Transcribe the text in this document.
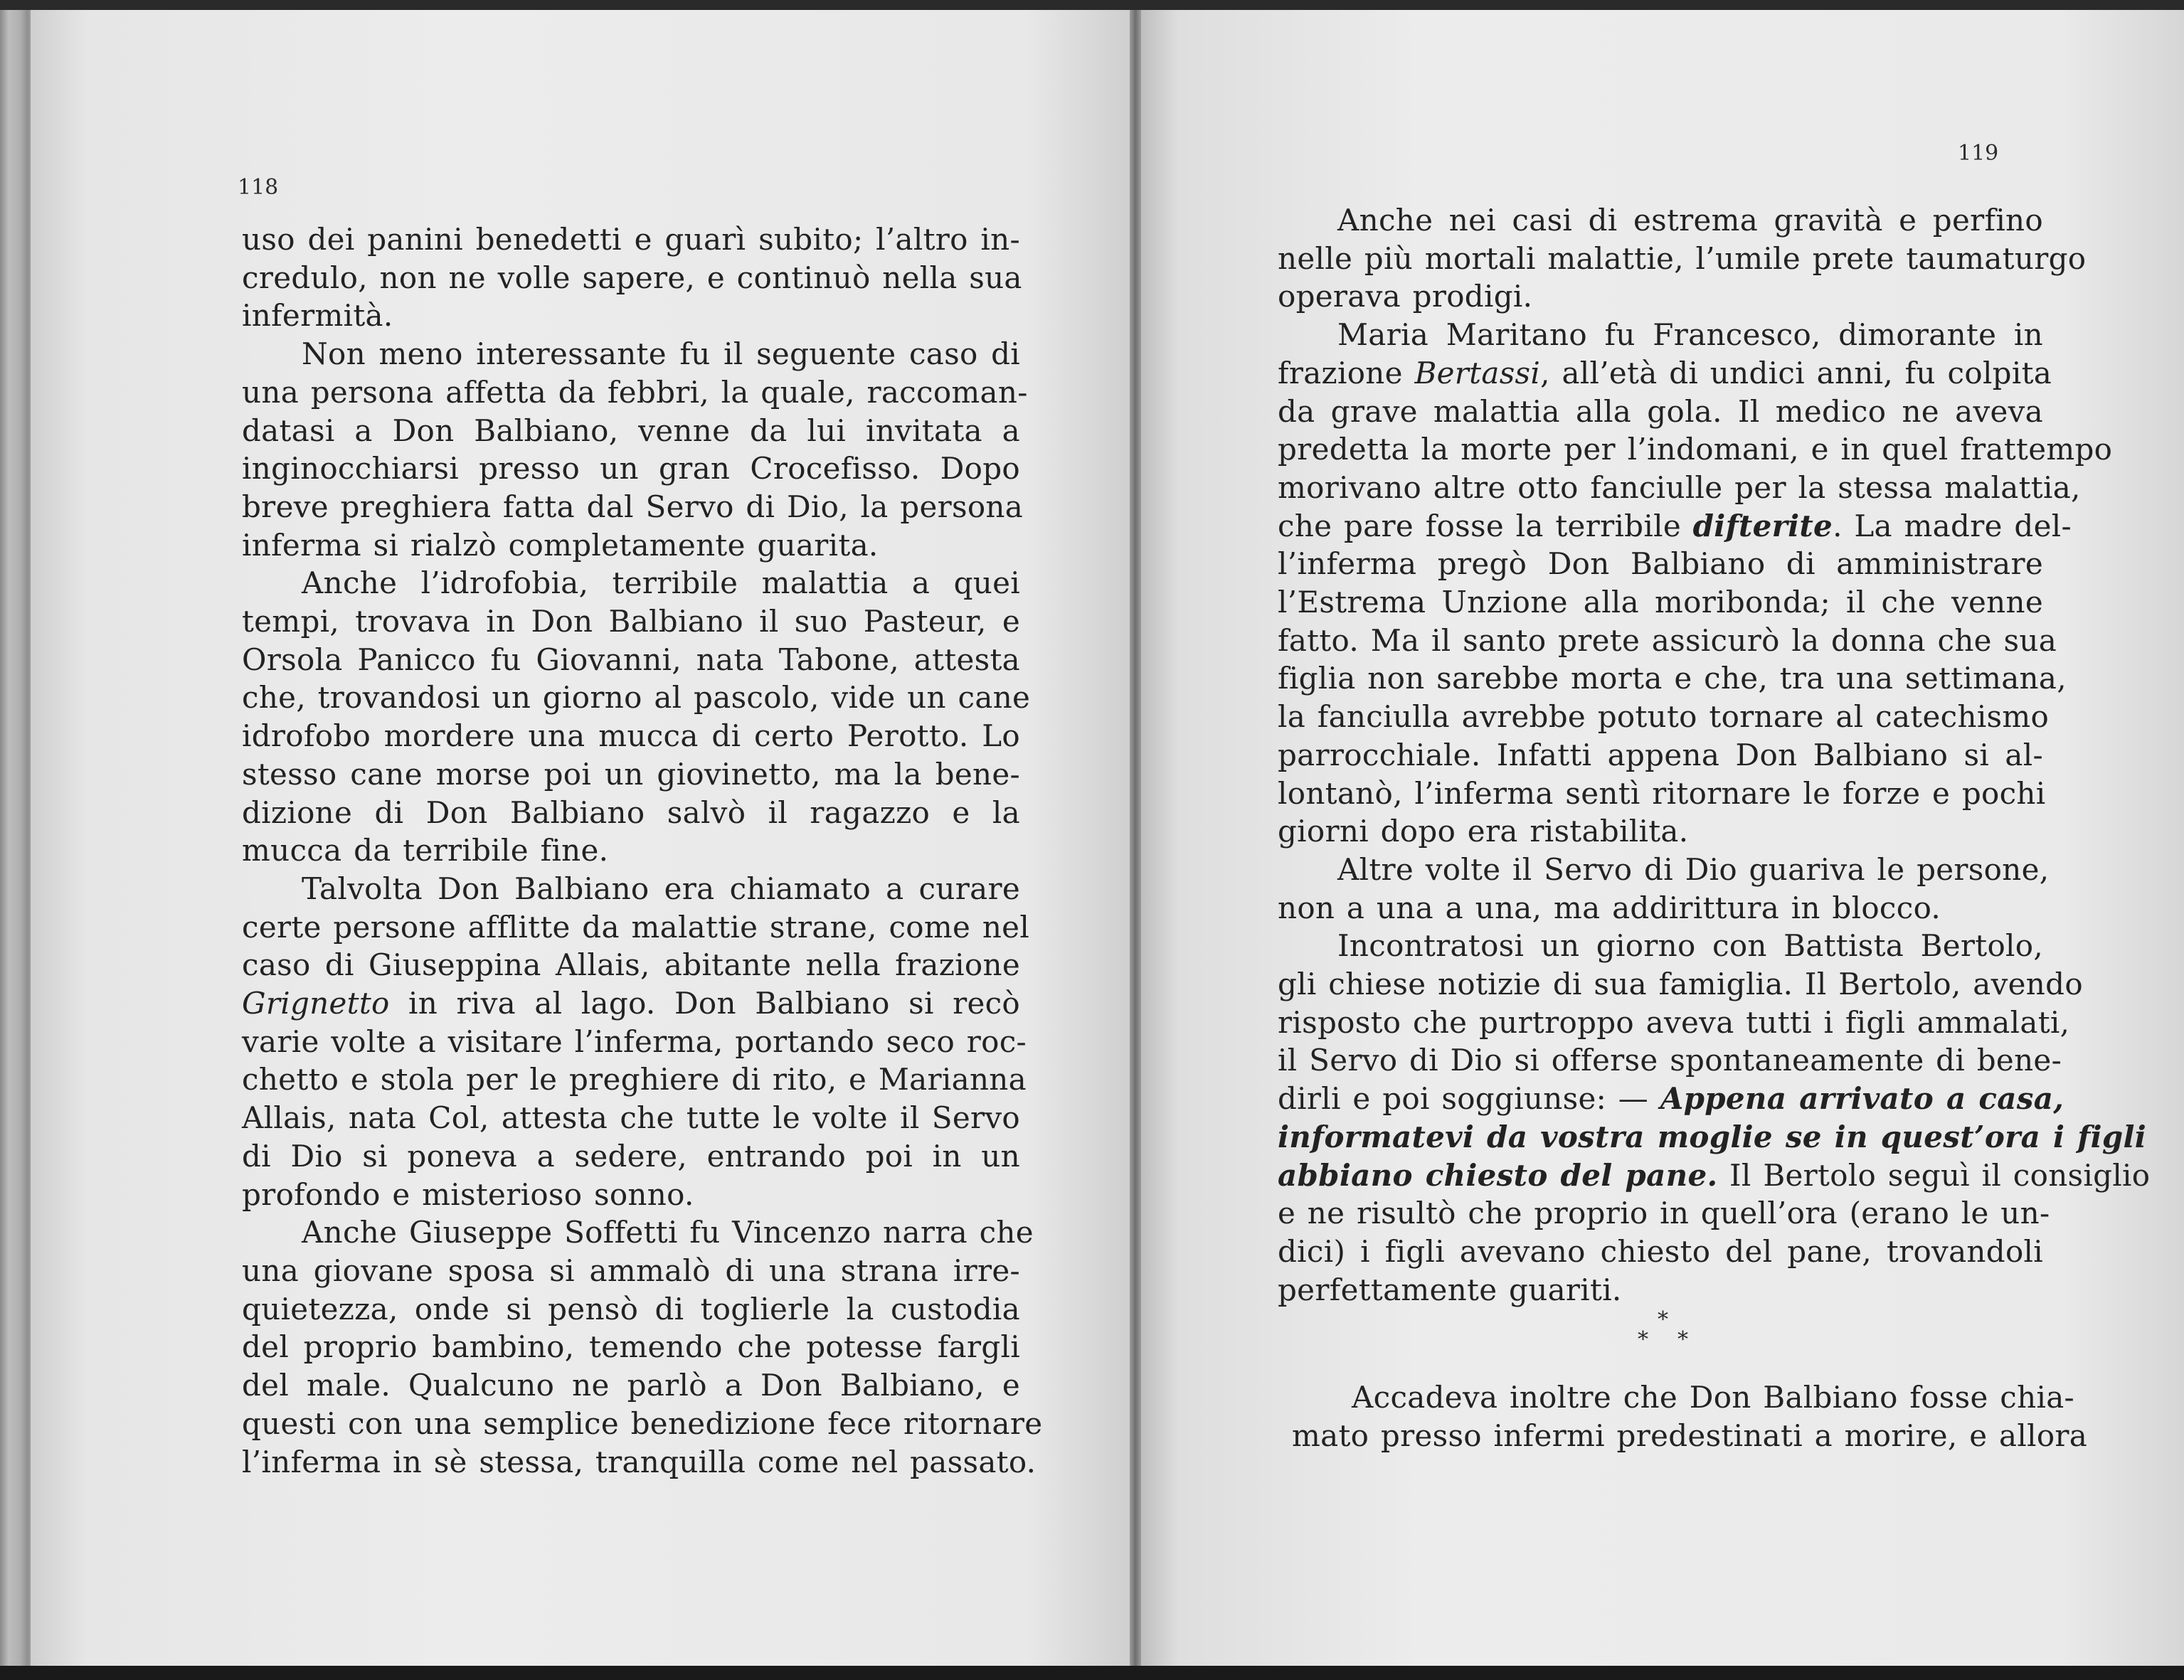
118
119
uso dei panini benedetti e guarì subito; l’altro in-
credulo, non ne volle sapere, e continuò nella sua
infermità.
Non meno interessante fu il seguente caso di
una persona affetta da febbri, la quale, raccoman-
datasi a Don Balbiano, venne da lui invitata a
inginocchiarsi presso un gran Crocefisso. Dopo
breve preghiera fatta dal Servo di Dio, la persona
inferma si rialzò completamente guarita.
Anche l’idrofobia, terribile malattia a quei
tempi, trovava in Don Balbiano il suo Pasteur, e
Orsola Panicco fu Giovanni, nata Tabone, attesta
che, trovandosi un giorno al pascolo, vide un cane
idrofobo mordere una mucca di certo Perotto. Lo
stesso cane morse poi un giovinetto, ma la bene-
dizione di Don Balbiano salvò il ragazzo e la
mucca da terribile fine.
Talvolta Don Balbiano era chiamato a curare
certe persone afflitte da malattie strane, come nel
caso di Giuseppina Allais, abitante nella frazione
Grignetto in riva al lago. Don Balbiano si recò
varie volte a visitare l’inferma, portando seco roc-
chetto e stola per le preghiere di rito, e Marianna
Allais, nata Col, attesta che tutte le volte il Servo
di Dio si poneva a sedere, entrando poi in un
profondo e misterioso sonno.
Anche Giuseppe Soffetti fu Vincenzo narra che
una giovane sposa si ammalò di una strana irre-
quietezza, onde si pensò di toglierle la custodia
del proprio bambino, temendo che potesse fargli
del male. Qualcuno ne parlò a Don Balbiano, e
questi con una semplice benedizione fece ritornare
l’inferma in sè stessa, tranquilla come nel passato.
Anche nei casi di estrema gravità e perfino
nelle più mortali malattie, l’umile prete taumaturgo
operava prodigi.
Maria Maritano fu Francesco, dimorante in
frazione Bertassi, all’età di undici anni, fu colpita
da grave malattia alla gola. Il medico ne aveva
predetta la morte per l’indomani, e in quel frattempo
morivano altre otto fanciulle per la stessa malattia,
che pare fosse la terribile difterite. La madre del-
l’inferma pregò Don Balbiano di amministrare
l’Estrema Unzione alla moribonda; il che venne
fatto. Ma il santo prete assicurò la donna che sua
figlia non sarebbe morta e che, tra una settimana,
la fanciulla avrebbe potuto tornare al catechismo
parrocchiale. Infatti appena Don Balbiano si al-
lontanò, l’inferma sentì ritornare le forze e pochi
giorni dopo era ristabilita.
Altre volte il Servo di Dio guariva le persone,
non a una a una, ma addirittura in blocco.
Incontratosi un giorno con Battista Bertolo,
gli chiese notizie di sua famiglia. Il Bertolo, avendo
risposto che purtroppo aveva tutti i figli ammalati,
il Servo di Dio si offerse spontaneamente di bene-
dirli e poi soggiunse: — Appena arrivato a casa,
informatevi da vostra moglie se in quest’ora i figli
abbiano chiesto del pane. Il Bertolo seguì il consiglio
e ne risultò che proprio in quell’ora (erano le un-
dici) i figli avevano chiesto del pane, trovandoli
perfettamente guariti.
*
* *
Accadeva inoltre che Don Balbiano fosse chia-
mato presso infermi predestinati a morire, e allora
